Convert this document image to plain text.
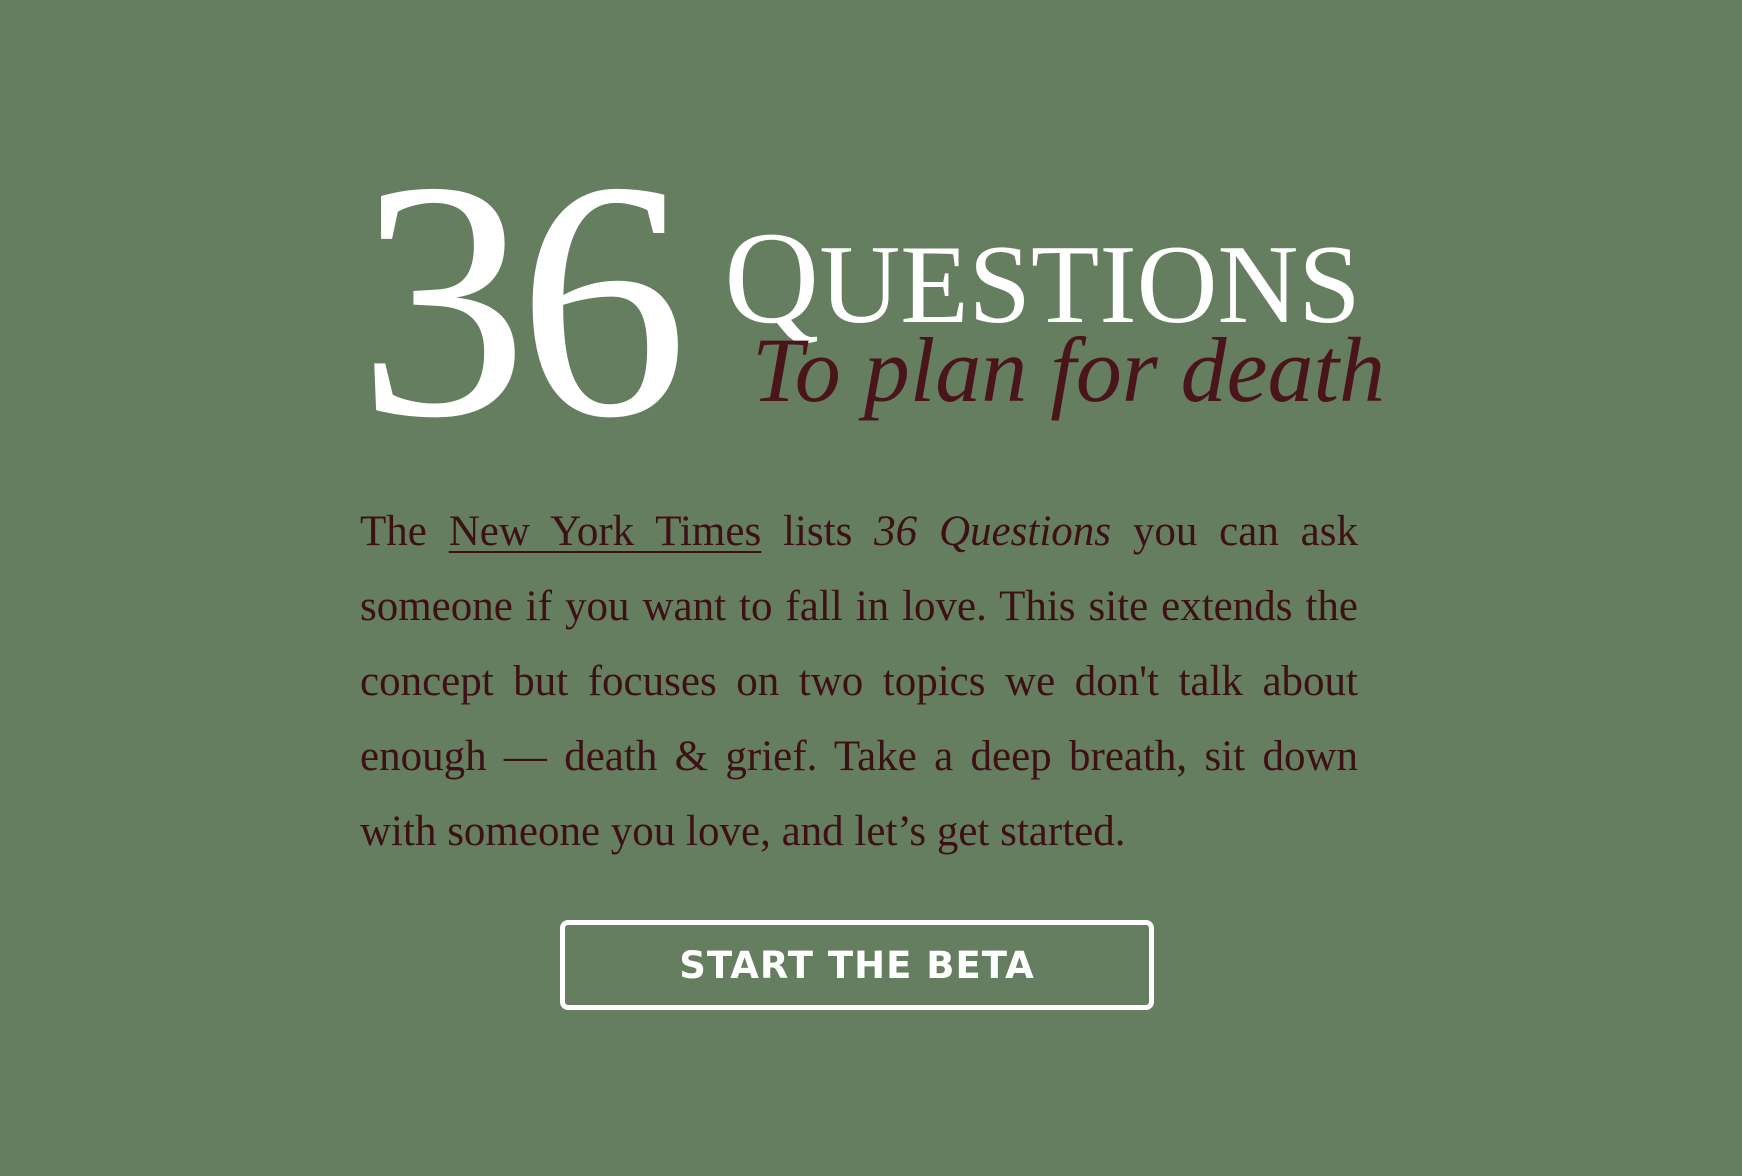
36 QUESTIONS
To plan for death

The New York Times lists 36 Questions you can ask someone if you want to fall in love. This site extends the concept but focuses on two topics we don't talk about enough — death & grief. Take a deep breath, sit down with someone you love, and let’s get started.

START THE BETA
